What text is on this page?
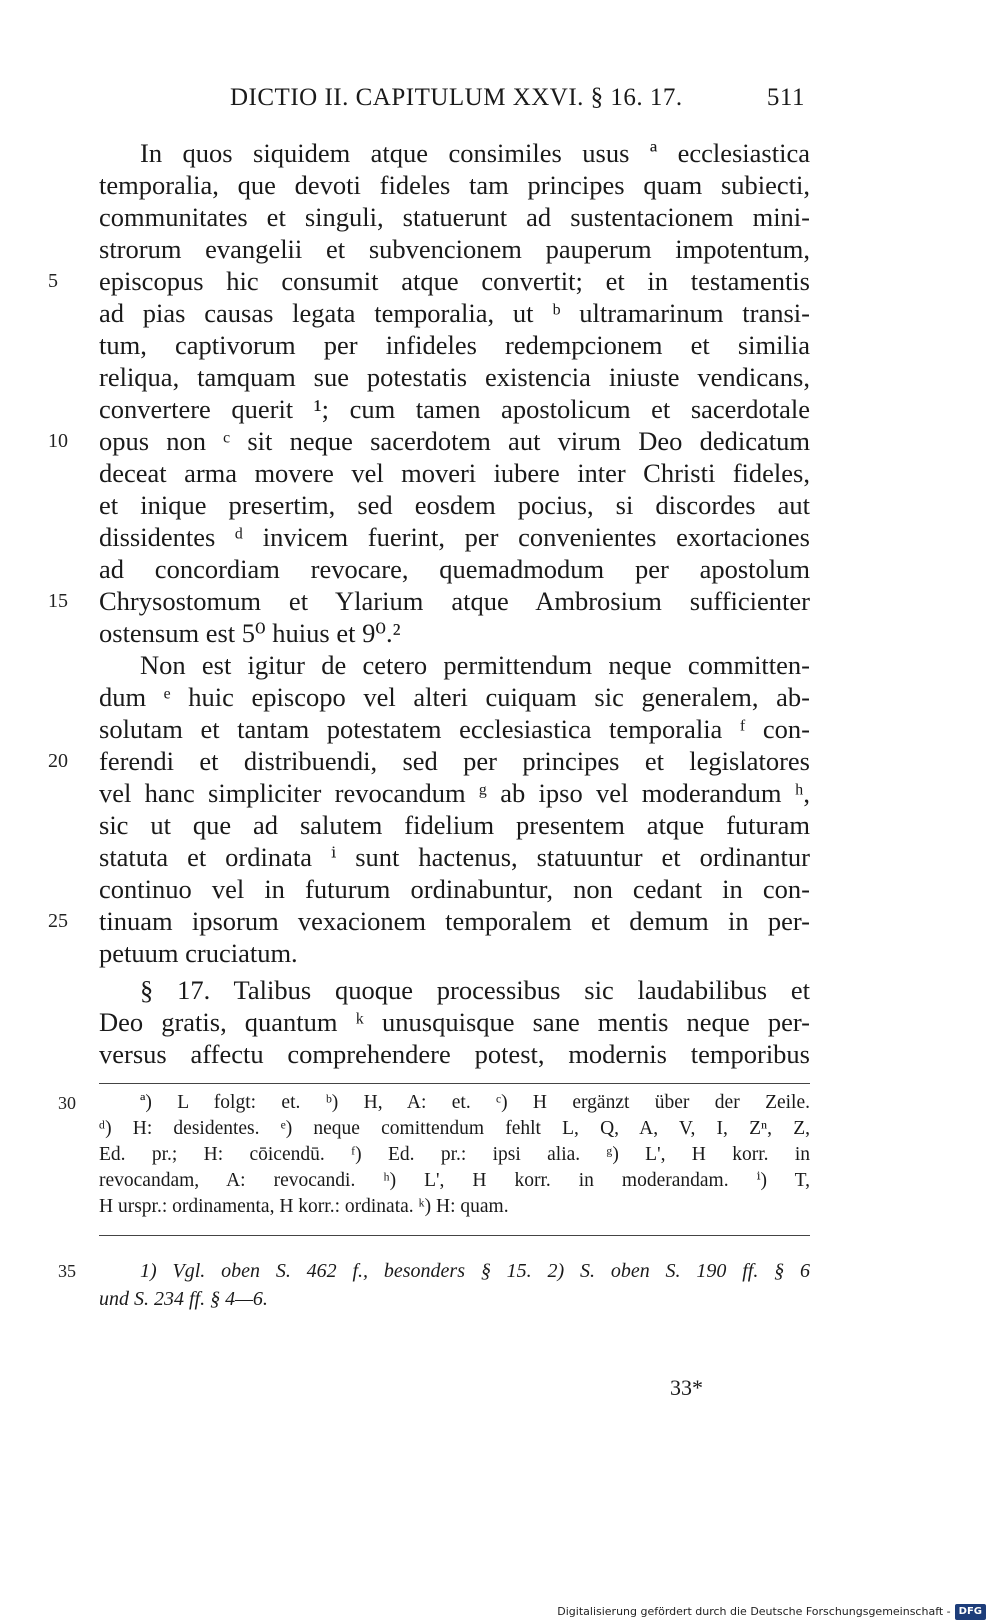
DICTIO II. CAPITULUM XXVI. § 16. 17.	511
In quos siquidem atque consimiles usus ª ecclesiastica
temporalia, que devoti fideles tam principes quam subiecti,
communitates et singuli, statuerunt ad sustentacionem mini-
strorum evangelii et subvencionem pauperum impotentum,
episcopus hic consumit atque convertit; et in testamentis
ad pias causas legata temporalia, ut ᵇ ultramarinum transi-
tum, captivorum per infideles redempcionem et similia
reliqua, tamquam sue potestatis existencia iniuste vendicans,
convertere querit ¹; cum tamen apostolicum et sacerdotale
opus non ᶜ sit neque sacerdotem aut virum Deo dedicatum
deceat arma movere vel moveri iubere inter Christi fideles,
et inique presertim, sed eosdem pocius, si discordes aut
dissidentes ᵈ invicem fuerint, per convenientes exortaciones
ad concordiam revocare, quemadmodum per apostolum
Chrysostomum et Ylarium atque Ambrosium sufficienter
ostensum est 5⁰ huius et 9⁰.²
Non est igitur de cetero permittendum neque committen-
dum ᵉ huic episcopo vel alteri cuiquam sic generalem, ab-
solutam et tantam potestatem ecclesiastica temporalia ᶠ con-
ferendi et distribuendi, sed per principes et legislatores
vel hanc simpliciter revocandum ᵍ ab ipso vel moderandum ʰ,
sic ut que ad salutem fidelium presentem atque futuram
statuta et ordinata ⁱ sunt hactenus, statuuntur et ordinantur
continuo vel in futurum ordinabuntur, non cedant in con-
tinuam ipsorum vexacionem temporalem et demum in per-
petuum cruciatum.
§ 17. Talibus quoque processibus sic laudabilibus et
Deo gratis, quantum ᵏ unusquisque sane mentis neque per-
versus affectu comprehendere potest, modernis temporibus
5
10
15
20
25
30	ª) L folgt: et. ᵇ) H, A: et. ᶜ) H ergänzt über der Zeile.
ᵈ) H: desidentes. ᵉ) neque comittendum fehlt L, Q, A, V, I, Zⁿ, Z,
Ed. pr.; H: cōicendū. ᶠ) Ed. pr.: ipsi alia. ᵍ) L', H korr. in
revocandam, A: revocandi. ʰ) L', H korr. in moderandam. ⁱ) T,
H urspr.: ordinamenta, H korr.: ordinata. ᵏ) H: quam.
35	1) Vgl. oben S. 462 f., besonders § 15. 2) S. oben S. 190 ff. § 6
und S. 234 ff. § 4—6.
33*
Digitalisierung gefördert durch die Deutsche Forschungsgemeinschaft - DFG
